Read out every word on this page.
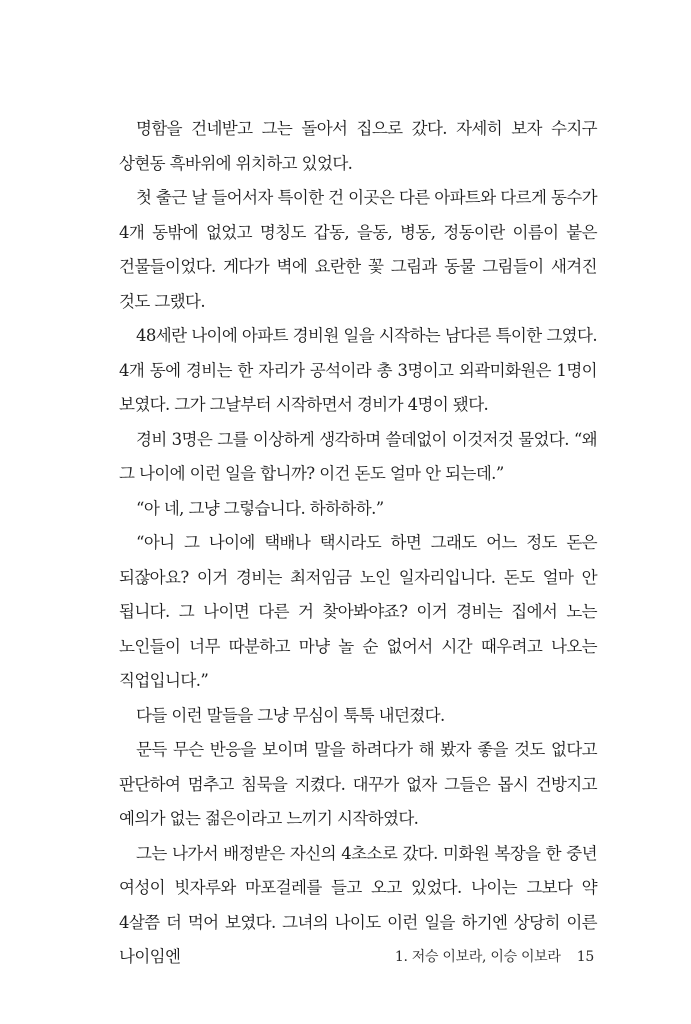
명함을 건네받고 그는 돌아서 집으로 갔다. 자세히 보자 수지구 상현동 흑바위에 위치하고 있었다.

첫 출근 날 들어서자 특이한 건 이곳은 다른 아파트와 다르게 동수가 4개 동밖에 없었고 명칭도 갑동, 을동, 병동, 정동이란 이름이 붙은 건물들이었다. 게다가 벽에 요란한 꽃 그림과 동물 그림들이 새겨진 것도 그랬다.

48세란 나이에 아파트 경비원 일을 시작하는 남다른 특이한 그였다. 4개 동에 경비는 한 자리가 공석이라 총 3명이고 외곽미화원은 1명이 보였다. 그가 그날부터 시작하면서 경비가 4명이 됐다.

경비 3명은 그를 이상하게 생각하며 쓸데없이 이것저것 물었다. “왜 그 나이에 이런 일을 합니까? 이건 돈도 얼마 안 되는데.”

“아 네, 그냥 그렇습니다. 하하하하.”

“아니 그 나이에 택배나 택시라도 하면 그래도 어느 정도 돈은 되잖아요? 이거 경비는 최저임금 노인 일자리입니다. 돈도 얼마 안 됩니다. 그 나이면 다른 거 찾아봐야죠? 이거 경비는 집에서 노는 노인들이 너무 따분하고 마냥 놀 순 없어서 시간 때우려고 나오는 직업입니다.”

다들 이런 말들을 그냥 무심이 툭툭 내던졌다.

문득 무슨 반응을 보이며 말을 하려다가 해 봤자 좋을 것도 없다고 판단하여 멈추고 침묵을 지켰다. 대꾸가 없자 그들은 몹시 건방지고 예의가 없는 젊은이라고 느끼기 시작하였다.

그는 나가서 배정받은 자신의 4초소로 갔다. 미화원 복장을 한 중년 여성이 빗자루와 마포걸레를 들고 오고 있었다. 나이는 그보다 약 4살쯤 더 먹어 보였다. 그녀의 나이도 이런 일을 하기엔 상당히 이른 나이임엔	1. 저승 이보라, 이승 이보라 15
